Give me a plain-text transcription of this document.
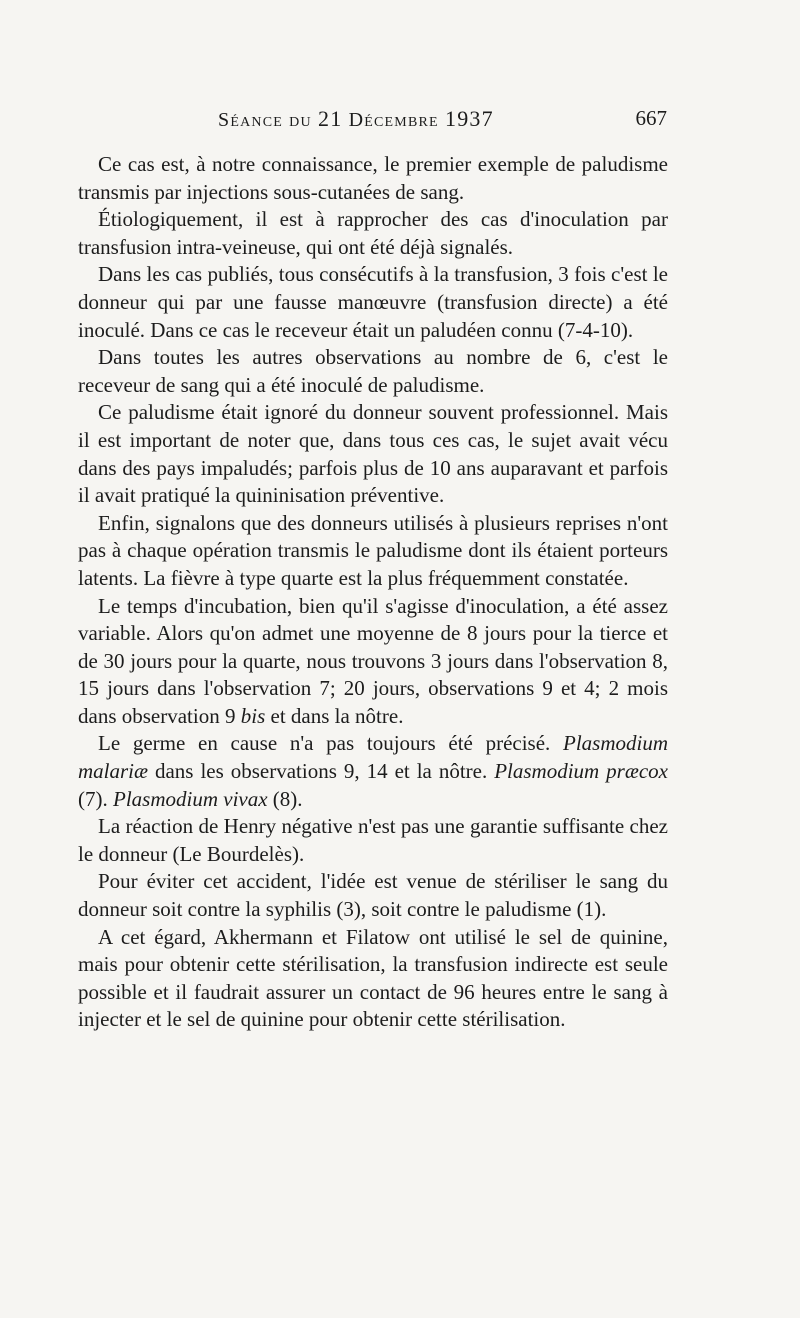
Séance du 21 Décembre 1937	667

Ce cas est, à notre connaissance, le premier exemple de paludisme transmis par injections sous-cutanées de sang.

Étiologiquement, il est à rapprocher des cas d'inoculation par transfusion intra-veineuse, qui ont été déjà signalés.

Dans les cas publiés, tous consécutifs à la transfusion, 3 fois c'est le donneur qui par une fausse manœuvre (transfusion directe) a été inoculé. Dans ce cas le receveur était un paludéen connu (7-4-10).

Dans toutes les autres observations au nombre de 6, c'est le receveur de sang qui a été inoculé de paludisme.

Ce paludisme était ignoré du donneur souvent professionnel. Mais il est important de noter que, dans tous ces cas, le sujet avait vécu dans des pays impaludés; parfois plus de 10 ans auparavant et parfois il avait pratiqué la quininisation préventive.

Enfin, signalons que des donneurs utilisés à plusieurs reprises n'ont pas à chaque opération transmis le paludisme dont ils étaient porteurs latents. La fièvre à type quarte est la plus fréquemment constatée.

Le temps d'incubation, bien qu'il s'agisse d'inoculation, a été assez variable. Alors qu'on admet une moyenne de 8 jours pour la tierce et de 30 jours pour la quarte, nous trouvons 3 jours dans l'observation 8, 15 jours dans l'observation 7; 20 jours, observations 9 et 4; 2 mois dans observation 9 bis et dans la nôtre.

Le germe en cause n'a pas toujours été précisé. Plasmodium malariæ dans les observations 9, 14 et la nôtre. Plasmodium præcox (7). Plasmodium vivax (8).

La réaction de Henry négative n'est pas une garantie suffisante chez le donneur (Le Bourdelès).

Pour éviter cet accident, l'idée est venue de stériliser le sang du donneur soit contre la syphilis (3), soit contre le paludisme (1).

A cet égard, Akhermann et Filatow ont utilisé le sel de quinine, mais pour obtenir cette stérilisation, la transfusion indirecte est seule possible et il faudrait assurer un contact de 96 heures entre le sang à injecter et le sel de quinine pour obtenir cette stérilisation.
